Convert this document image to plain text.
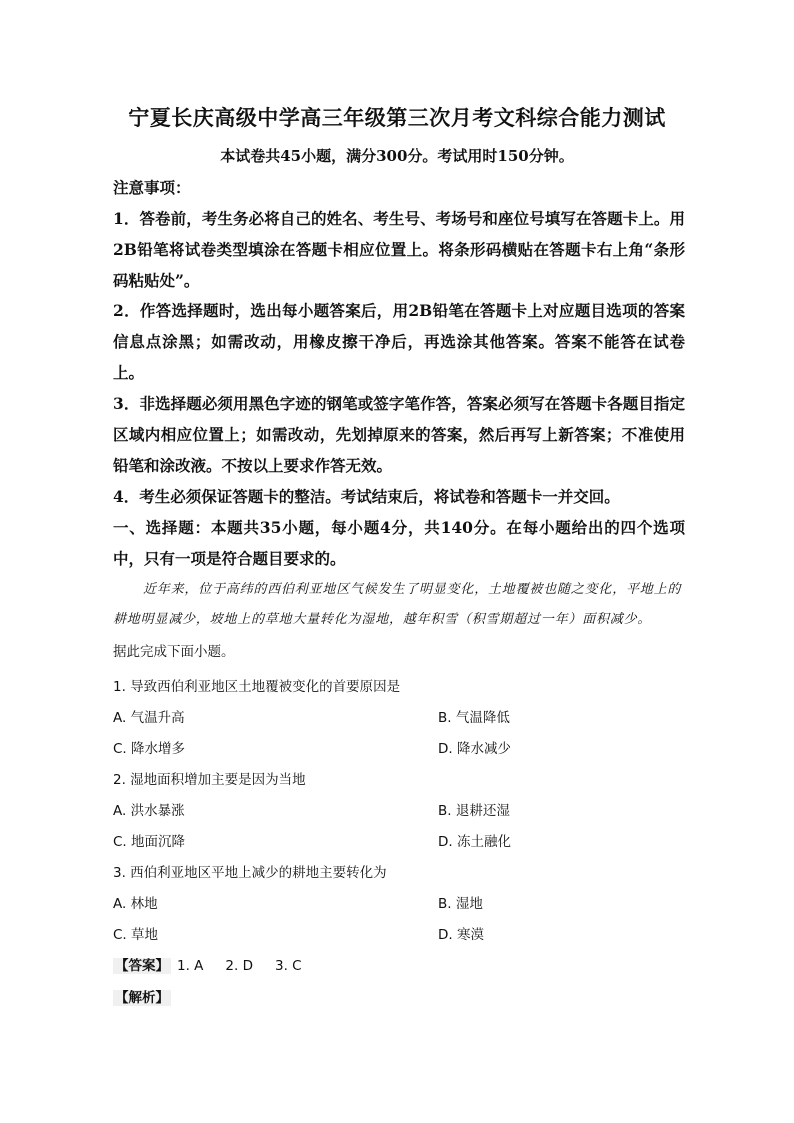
宁夏长庆高级中学高三年级第三次月考文科综合能力测试
本试卷共45小题，满分300分。考试用时150分钟。
注意事项：
1．答卷前，考生务必将自己的姓名、考生号、考场号和座位号填写在答题卡上。用2B铅笔将试卷类型填涂在答题卡相应位置上。将条形码横贴在答题卡右上角“条形码粘贴处”。
2．作答选择题时，选出每小题答案后，用2B铅笔在答题卡上对应题目选项的答案信息点涂黑；如需改动，用橡皮擦干净后，再选涂其他答案。答案不能答在试卷上。
3．非选择题必须用黑色字迹的钢笔或签字笔作答，答案必须写在答题卡各题目指定区域内相应位置上；如需改动，先划掉原来的答案，然后再写上新答案；不准使用铅笔和涂改液。不按以上要求作答无效。
4．考生必须保证答题卡的整洁。考试结束后，将试卷和答题卡一并交回。
一、选择题：本题共35小题，每小题4分，共140分。在每小题给出的四个选项中，只有一项是符合题目要求的。
近年来，位于高纬的西伯利亚地区气候发生了明显变化，土地覆被也随之变化，平地上的耕地明显减少，坡地上的草地大量转化为湿地，越年积雪（积雪期超过一年）面积减少。
据此完成下面小题。
1. 导致西伯利亚地区土地覆被变化的首要原因是
A. 气温升高	B. 气温降低
C. 降水增多	D. 降水减少
2. 湿地面积增加主要是因为当地
A. 洪水暴涨	B. 退耕还湿
C. 地面沉降	D. 冻土融化
3. 西伯利亚地区平地上减少的耕地主要转化为
A. 林地	B. 湿地
C. 草地	D. 寒漠
【答案】 1. A 2. D 3. C
【解析】
